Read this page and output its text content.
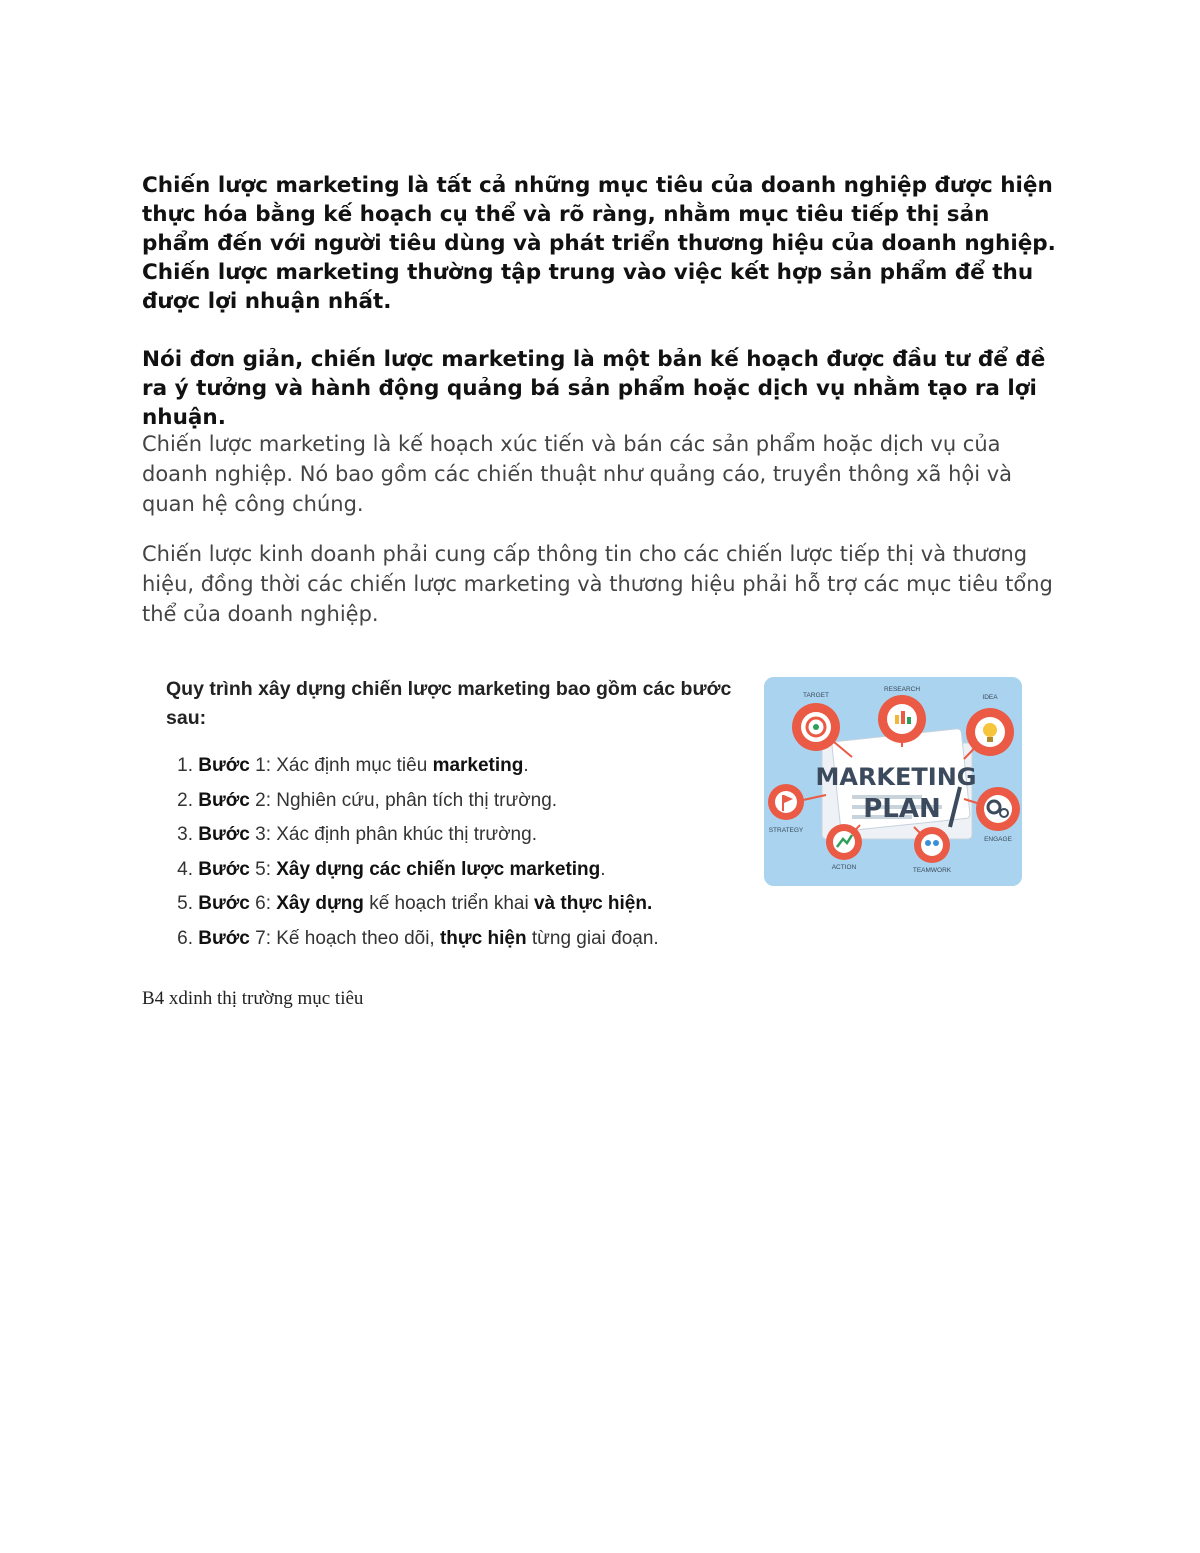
Chiến lược marketing là tất cả những mục tiêu của doanh nghiệp được hiện thực hóa bằng kế hoạch cụ thể và rõ ràng, nhằm mục tiêu tiếp thị sản phẩm đến với người tiêu dùng và phát triển thương hiệu của doanh nghiệp. Chiến lược marketing thường tập trung vào việc kết hợp sản phẩm để thu được lợi nhuận nhất.

Nói đơn giản, chiến lược marketing là một bản kế hoạch được đầu tư để đề ra ý tưởng và hành động quảng bá sản phẩm hoặc dịch vụ nhằm tạo ra lợi nhuận.

Chiến lược marketing là kế hoạch xúc tiến và bán các sản phẩm hoặc dịch vụ của doanh nghiệp. Nó bao gồm các chiến thuật như quảng cáo, truyền thông xã hội và quan hệ công chúng.

Chiến lược kinh doanh phải cung cấp thông tin cho các chiến lược tiếp thị và thương hiệu, đồng thời các chiến lược marketing và thương hiệu phải hỗ trợ các mục tiêu tổng thể của doanh nghiệp.

Quy trình xây dựng chiến lược marketing bao gồm các bước sau:

1. Bước 1: Xác định mục tiêu marketing.
2. Bước 2: Nghiên cứu, phân tích thị trường.
3. Bước 3: Xác định phân khúc thị trường.
4. Bước 5: Xây dựng các chiến lược marketing.
5. Bước 6: Xây dựng kế hoạch triển khai và thực hiện.
6. Bước 7: Kế hoạch theo dõi, thực hiện từng giai đoạn.
TARGET
RESEARCH
IDEA
STRATEGY
ENGAGE
ACTION	TEAMWORK
MARKETING
PLAN

B4 xdinh thị trường mục tiêu
